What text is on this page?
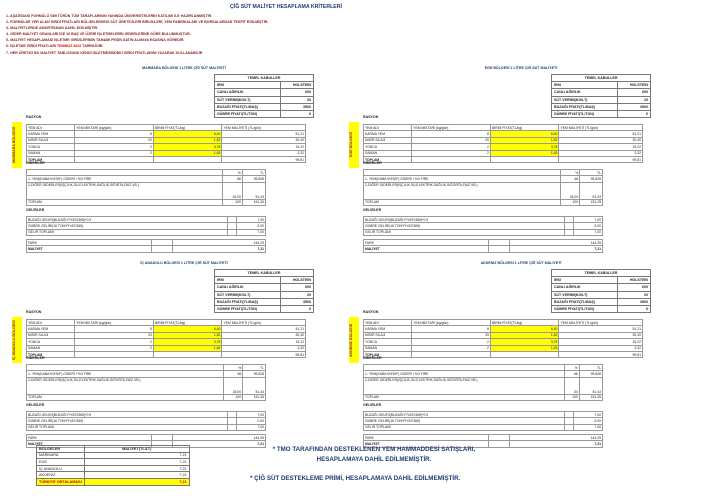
ÇİĞ SÜT MALİYET HESAPLAMA KRİTERLERİ
1- AŞAĞIDAKİ FORMÜLÜ SEKTÖRÜN TÜM TARAFLARININ YANINDA ÜNİVERSİTELERİN KATILIMI İLE HAZIRLANMIŞTIR.
2- FORMÜLDE YER ALAN GİRDİ FİYATLARI BÖLGELERDEKİ SÜT ÜRETİCİLERİ BİRLİKLERİ, YEM FABRİKALARI VE BORSALARDAN TESPİT EDİLMİŞTİR.
3- MALİYETLERDE AMORTİSMAN DAHİL EDİLMİŞTİR.
4- GİDER MALİYET ORANLARI İSE 10 BAŞ VE ÜZERİ İŞLETMELERİN GİDERLERİNE GÖRE BULUNMUŞTUR.
5- MALİYET HESAPLAMASI İŞLETME GİRDİLERİNİN TAMAMI PEŞİN SATIN ALMAYA ESASINA GÖREDİR.
6- İŞLETME GİRDİ FİYATLARI TEMMUZ 2022 TARİHLİDİR.
7- HER ÜRETİCİ BU MALİYET TABLOSUNU KENDİ İŞLETMESİNDEKİ GİRDİ FİYATLARINI YAZARAK KULLANABİLİR
MARMARA BÖLGESİ 1 LİTRE ÇİĞ SÜT MALİYETİ
TEMEL KABULLER	
IRKI	HOLSTEİN
CANLI AĞIRLIK	600
SÜT VERİMİ(KG/LT)	20
BUZAĞI FİYATI(TL/BAŞ)	3500
GÜBRE FİYATI(TL/TON)	0
MARMARA BÖLGESİ
RASYON
YEM ADI	YEM MİKTARI (kg/gün)	BİRİM FİYAT(TL/kg)	YEM MALİYETİ (TL/gün)
KARMA YEM	8	6,40	51,21
MISIR SILAJI	20	1,52	30,40
YONCA	2	3,78	15,22
SAMAN	2	1,63	3,32
TOPLAM			99,81
GİDERLER
	%	TL
1- YEM(KABA+KESIF) GİDERİ +%3 FİRE	66	99,828
2-DİĞER GİDERLER(İŞÇİLİK,SU,ELEKTRİK,SAĞLIK,SIĞIRTA,FAİZ VB.)	34,00	51,43
TOPLAM	100	151,26
GELİRLER
BUZAĞI GELİRİ(BUZAĞI FİYATI/365)*0,9		7,00
GÜBRE GELİRİ(16 TON*FİYAT/365)		0,00
GELİR TOPLAMI		7,00
FARK		144,25
MALİYET		7,21
EGE BÖLGESİ 1 LİTRE ÇİĞ SÜT MALİYETİ
TEMEL KABULLER	
IRKI	HOLSTEİN
CANLI AĞIRLIK	600
SÜT VERİMİ(KG/LT)	20
BUZAĞI FİYATI(TL/BAŞ)	3500
GÜBRE FİYATI(TL/TON)	0
EGE BÖLGESİ
RASYON
YEM ADI	YEM MİKTARI (kg/gün)	BİRİM FİYAT(TL/kg)	YEM MALİYETİ (TL/gün)
KARMA YEM	8	6,40	51,21
MISIR SILAJI	20	1,52	30,40
YONCA	2	3,78	15,22
SAMAN	2	1,63	3,32
TOPLAM			99,81
GİDERLER
	%	TL
1- YEM(KABA+KESIF) GİDERİ +%3 FİRE	66	99,828
2-DİĞER GİDERLER(İŞÇİLİK,SU,ELEKTRİK,SAĞLIK,SIĞORTA,FAİZ VB.)	34,00	51,43
TOPLAM	100	151,25
GELİRLER
BUZAĞI GELİRİ(BUZAĞI FİYATI/365)*0,9		7,00
GÜBRE GELİRİ(16 TON*FİYAT/365)		0,00
GELİR TOPLAMI		7,00
FARK		144,25
MALİYET		7,21
İÇ ANADOLU BÖLGESİ 1 LİTRE ÇİĞ SÜT MALİYETİ
TEMEL KABULLER	
IRKI	HOLSTEİN
CANLI AĞIRLIK	600
SÜT VERİMİ(KG/LT)	20
BUZAĞI FİYATI(TL/BAŞ)	3500
GÜBRE FİYATI(TL/TON)	0
İÇ ANADOLU BÖLGESİ
RASYON
YEM ADI	YEM MİKTARI (kg/gün)	BİRİM FİYAT(TL/kg)	YEM MALİYETİ (TL/gün)
KARMA YEM	8	6,40	51,21
MISIR SILAJI	20	1,52	30,40
YONCA	2	3,78	15,22
SAMAN	2	1,66	3,32
TOPLAM			99,81
GİDERLER
	%	TL
1- YEM(KABA+KESIF) GİDERİ +%3 FİRE	66	99,828
2-DİĞER GİDERLER(İŞÇİLİK,SU,ELEKTRİK,SAĞLIK,SIĞORTA,FAİZ VB.)	34,00	51,44
TOPLAM	100	151,26
GELİRLER
BUZAĞI GELİRİ(BUZAĞI FİYATI/365)*0,9		7,00
GÜBRE GELİRİ(16 TON*FİYAT/365)		0,00
GELİR TOPLAMI		7,00
FARK		144,26
MALİYET		7,21
AKDENİZ BÖLGESİ 1 LİTRE ÇİĞ SÜT MALİYETİ
TEMEL KABULLER	
IRKI	HOLSTEİN
CANLI AĞIRLIK	600
SÜT VERİMİ(KG/LT)	20
BUZAĞI FİYATI(TL/BAŞ)	3500
GÜBRE FİYATI(TL/TON)	0
AKDENİZ BÖLGESİ
RASYON
YEM ADI	YEM MİKTARI (kg/gün)	BİRİM FİYAT(TL/kg)	YEM MALİYETİ (TL/gün)
KARMA YEM	8	6,40	51,21
MISIR SILAJI	20	1,52	30,40
YONCA	2	3,78	15,22
SAMAN	2	1,63	3,32
TOPLAM			99,81
GİDERLER
	%	TL
1- YEM(KABA+KESIF) GİDERİ +%3 FİRE	66	99,828
2-DİĞER GİDERLER(İŞÇİLİK,SU,ELEKTRİK,SAĞLIK,SIĞORTA,FAİZ VB.)	34	51,43
TOPLAM	100	151,25
GELİRLER
BUZAĞI GELİRİ(BUZAĞI FİYATI/365)*0,9		7,00
GÜBRE GELİRİ(16 TON*FİYAT/365)		0,00
GELİR TOPLAMI		7,00
FARK		144,25
MALİYET		7,21
BÖLGELER	MALİYET(TL/LT)
MARMARA	7,21
EGE	7,21
İÇ ANADOLU	7,21
AKDENİZ	7,21
TÜRKİYE ORTALAMASI	7,21
* TMO TARAFINDAN DESTEKLENEN YEM HAMMADDESİ SATIŞLARI,
HESAPLAMAYA DAHİL EDİLMEMİŞTİR.
* ÇİĞ SÜT DESTEKLEME PRİMİ, HESAPLAMAYA DAHİL EDİLMEMİŞTİR.
